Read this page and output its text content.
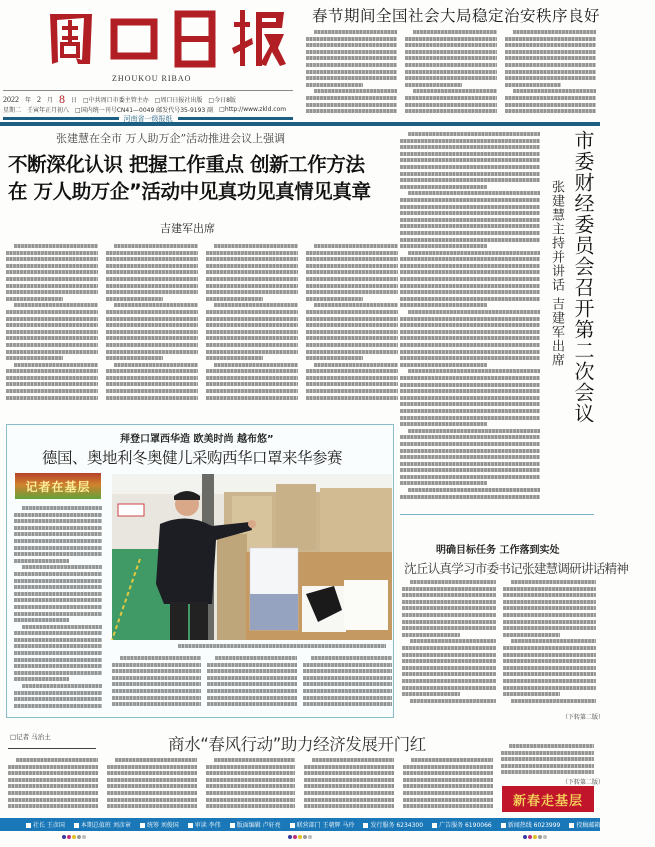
ZHOUKOU RIBAO
2022 年 2 月 8 日 □中共周口市委主管主办 □周口日报社出版 □今日8版
星期二 壬寅年正月初八 □国内统一刊号CN41—0049 邮发代号35-9193 副 □http://www.zkld.com
河南省一级报纸
春节期间全国社会大局稳定治安秩序良好
张建慧在全市 万人助万企”活动推进会议上强调
不断深化认识 把握工作重点 创新工作方法
在 万人助万企”活动中见真功见真情见真章
吉建军出席	市委财经委员会召开第二次会议
张建慧主持并讲话 吉建军出席
拜登口罩西华造 欧美时尚 越布悠”
德国、奥地利冬奥健儿采购西华口罩来华参赛
记者在基层
明确目标任务 工作落到实处
沈丘认真学习市委书记张建慧调研讲话精神
（下转第二版）
□记者 马治土	商水“春风行动”助力经济发展开门红
（下转第二版）
新春走基层
社长 王彦国	本期总值班 刘彦章	统筹 刘俊国	审读 李伟	版面编辑 卢轩亮	联营部门 王朝辉 马玲	发行服务 6234300	广告服务 6190066	新闻热线 6023999	投稿邮箱 zkrbgg@126.com
